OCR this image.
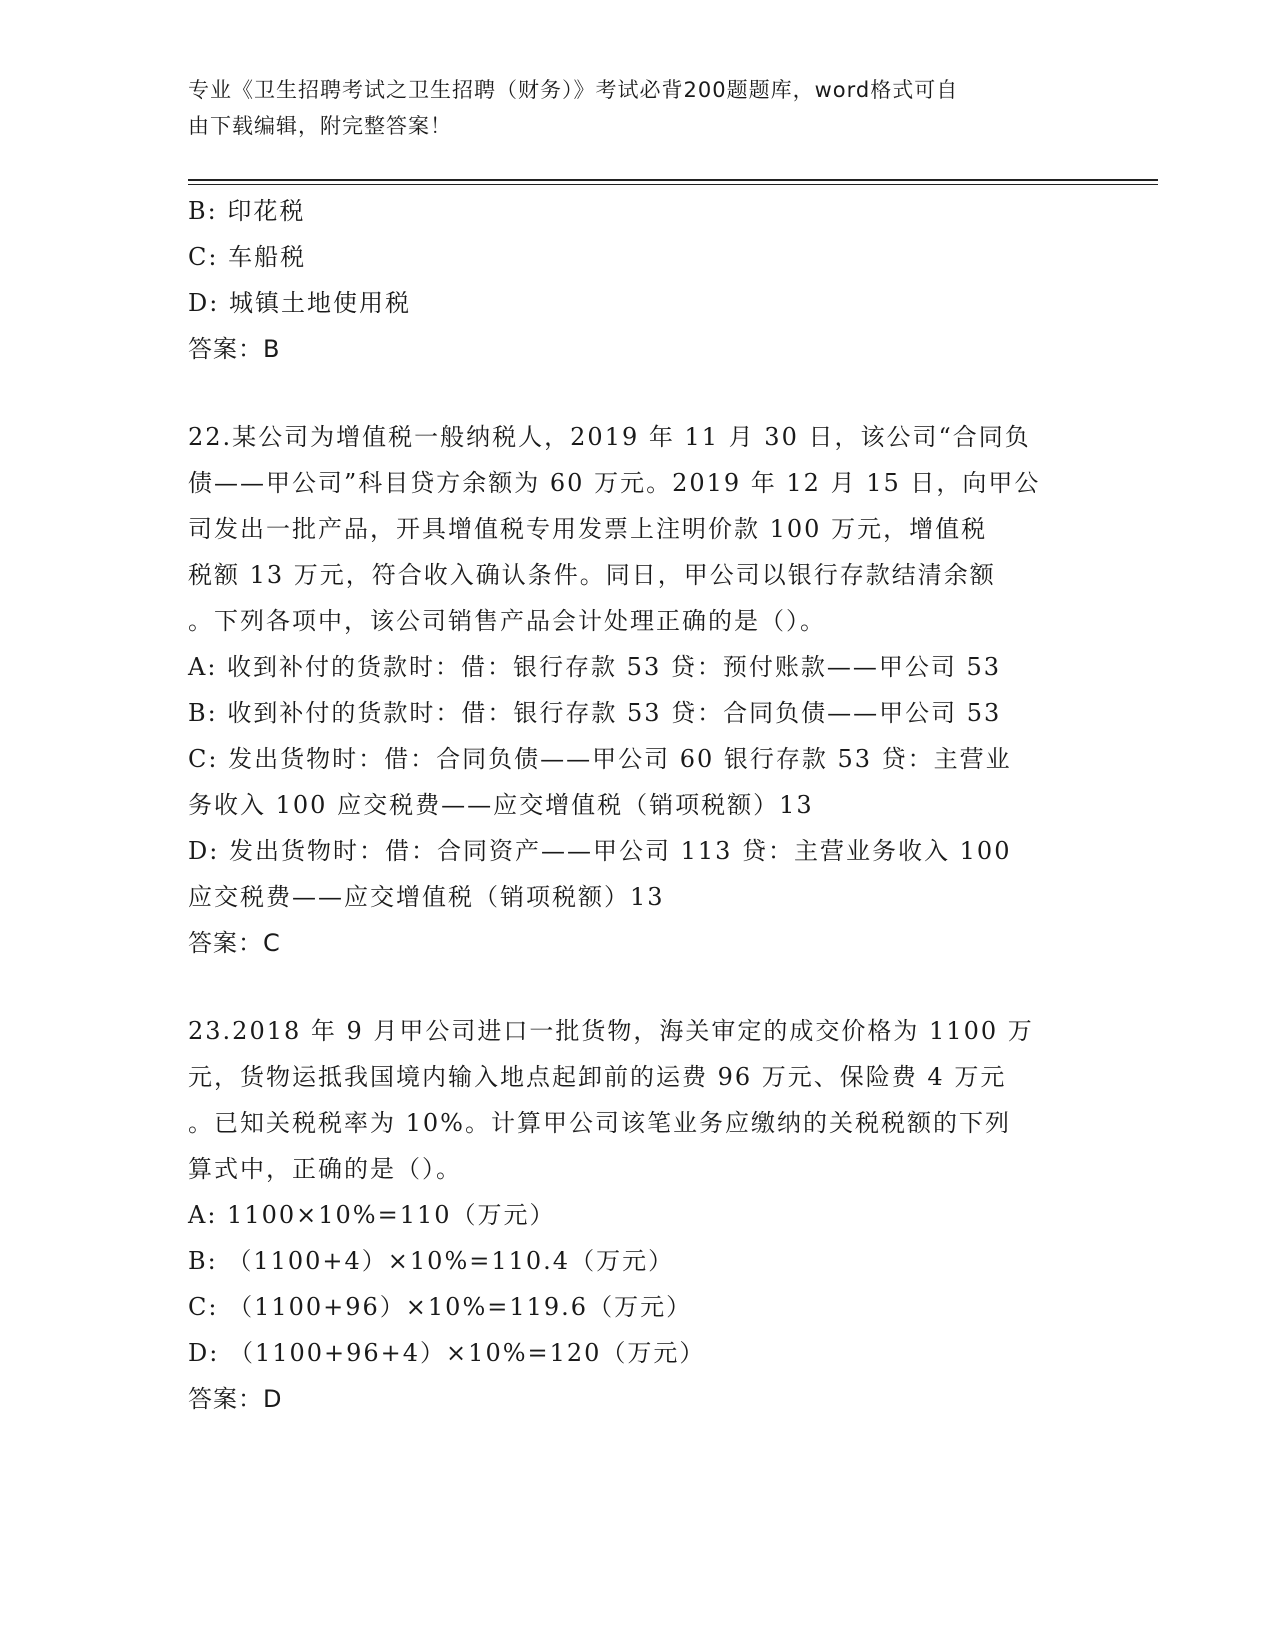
专业《卫生招聘考试之卫生招聘（财务）》考试必背200题题库，word格式可自
由下载编辑，附完整答案！
B: 印花税
C: 车船税
D: 城镇土地使用税
答案：B
22.某公司为增值税一般纳税人，2019 年 11 月 30 日，该公司“合同负
债——甲公司”科目贷方余额为 60 万元。2019 年 12 月 15 日，向甲公
司发出一批产品，开具增值税专用发票上注明价款 100 万元，增值税
税额 13 万元，符合收入确认条件。同日，甲公司以银行存款结清余额
。下列各项中，该公司销售产品会计处理正确的是（）。
A: 收到补付的货款时：借：银行存款 53 贷：预付账款——甲公司 53
B: 收到补付的货款时：借：银行存款 53 贷：合同负债——甲公司 53
C: 发出货物时：借：合同负债——甲公司 60 银行存款 53 贷：主营业
务收入 100 应交税费——应交增值税（销项税额）13
D: 发出货物时：借：合同资产——甲公司 113 贷：主营业务收入 100
应交税费——应交增值税（销项税额）13
答案：C
23.2018 年 9 月甲公司进口一批货物，海关审定的成交价格为 1100 万
元，货物运抵我国境内输入地点起卸前的运费 96 万元、保险费 4 万元
。已知关税税率为 10%。计算甲公司该笔业务应缴纳的关税税额的下列
算式中，正确的是（）。
A: 1100×10%=110（万元）
B: （1100+4）×10%=110.4（万元）
C: （1100+96）×10%=119.6（万元）
D: （1100+96+4）×10%=120（万元）
答案：D
